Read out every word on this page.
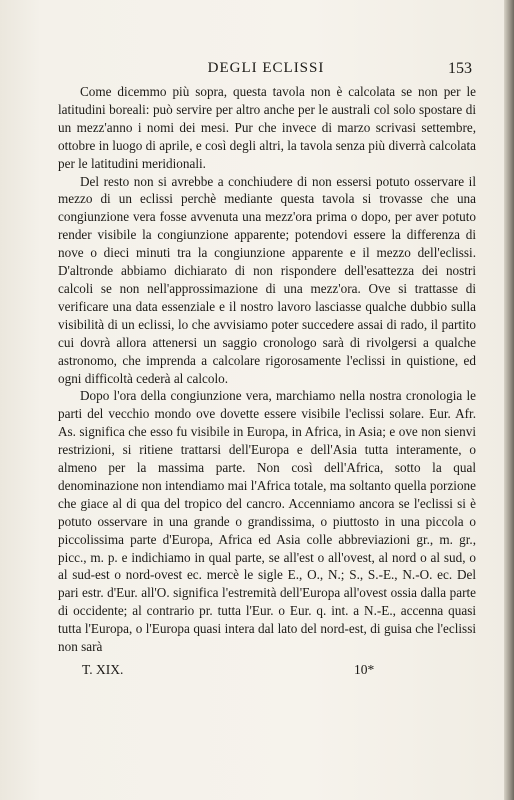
DEGLI ECLISSI	153

Come dicemmo più sopra, questa tavola non è calcolata se non per le latitudini boreali: può servire per altro anche per le australi col solo spostare di un mezz'anno i nomi dei mesi. Pur che invece di marzo scrivasi settembre, ottobre in luogo di aprile, e così degli altri, la tavola senza più diverrà calcolata per le latitudini meridionali.

Del resto non si avrebbe a conchiudere di non essersi potuto osservare il mezzo di un eclissi perchè mediante questa tavola si trovasse che una congiunzione vera fosse avvenuta una mezz'ora prima o dopo, per aver potuto render visibile la congiunzione apparente; potendovi essere la differenza di nove o dieci minuti tra la congiunzione apparente e il mezzo dell'eclissi. D'altronde abbiamo dichiarato di non rispondere dell'esattezza dei nostri calcoli se non nell'approssimazione di una mezz'ora. Ove si trattasse di verificare una data essenziale e il nostro lavoro lasciasse qualche dubbio sulla visibilità di un eclissi, lo che avvisiamo poter succedere assai di rado, il partito cui dovrà allora attenersi un saggio cronologo sarà di rivolgersi a qualche astronomo, che imprenda a calcolare rigorosamente l'eclissi in quistione, ed ogni difficoltà cederà al calcolo.

Dopo l'ora della congiunzione vera, marchiamo nella nostra cronologia le parti del vecchio mondo ove dovette essere visibile l'eclissi solare. Eur. Afr. As. significa che esso fu visibile in Europa, in Africa, in Asia; e ove non sienvi restrizioni, si ritiene trattarsi dell'Europa e dell'Asia tutta interamente, o almeno per la massima parte. Non così dell'Africa, sotto la qual denominazione non intendiamo mai l'Africa totale, ma soltanto quella porzione che giace al di qua del tropico del cancro. Accenniamo ancora se l'eclissi si è potuto osservare in una grande o grandissima, o piuttosto in una piccola o piccolissima parte d'Europa, Africa ed Asia colle abbreviazioni gr., m. gr., picc., m. p. e indichiamo in qual parte, se all'est o all'ovest, al nord o al sud, o al sud-est o nord-ovest ec. mercè le sigle E., O., N.; S., S.-E., N.-O. ec. Del pari estr. d'Eur. all'O. significa l'estremità dell'Europa all'ovest ossia dalla parte di occidente; al contrario pr. tutta l'Eur. o Eur. q. int. a N.-E., accenna quasi tutta l'Europa, o l'Europa quasi intera dal lato del nord-est, di guisa che l'eclissi non sarà

T. XIX.	10*
